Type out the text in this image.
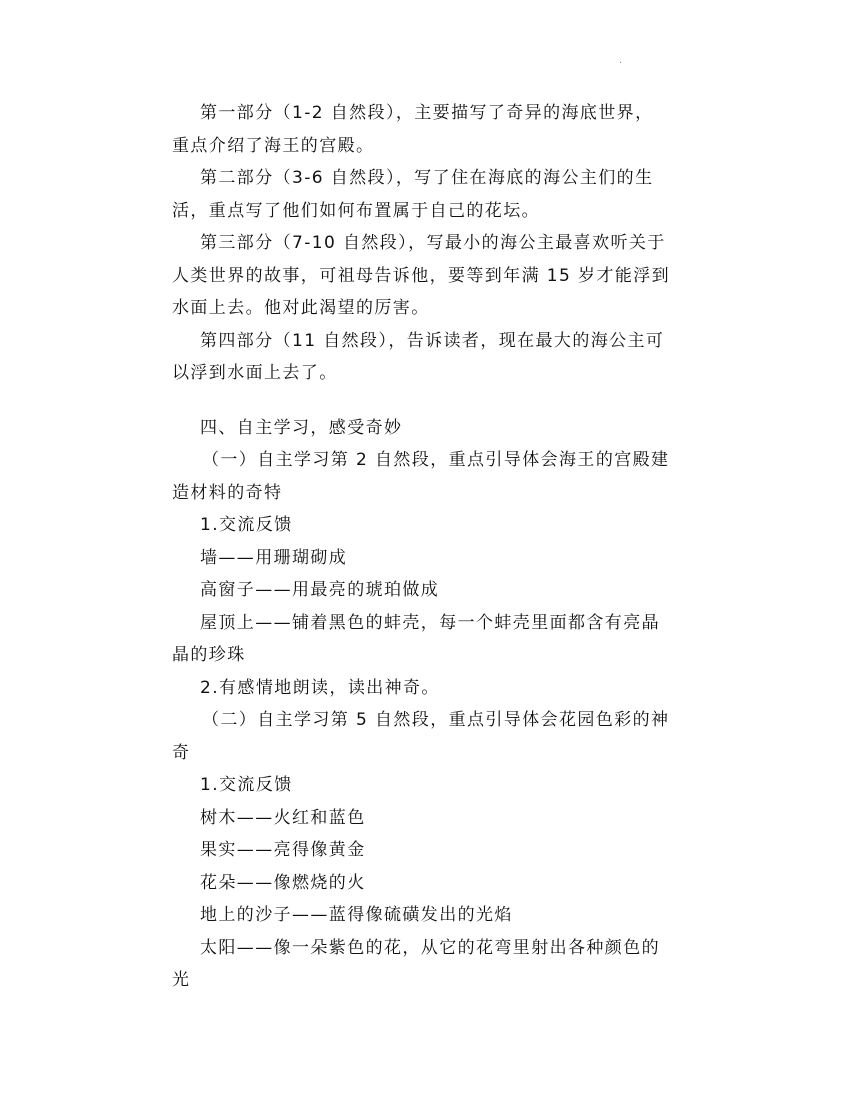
.

第一部分（1-2 自然段），主要描写了奇异的海底世界，

重点介绍了海王的宫殿。

第二部分（3-6 自然段），写了住在海底的海公主们的生

活，重点写了他们如何布置属于自己的花坛。

第三部分（7-10 自然段），写最小的海公主最喜欢听关于

人类世界的故事，可祖母告诉他，要等到年满 15 岁才能浮到

水面上去。他对此渴望的厉害。

第四部分（11 自然段），告诉读者，现在最大的海公主可

以浮到水面上去了。

四、自主学习，感受奇妙

（一）自主学习第 2 自然段，重点引导体会海王的宫殿建

造材料的奇特

1.交流反馈

墙——用珊瑚砌成

高窗子——用最亮的琥珀做成

屋顶上——铺着黑色的蚌壳，每一个蚌壳里面都含有亮晶

晶的珍珠

2.有感情地朗读，读出神奇。

（二）自主学习第 5 自然段，重点引导体会花园色彩的神

奇

1.交流反馈

树木——火红和蓝色

果实——亮得像黄金

花朵——像燃烧的火

地上的沙子——蓝得像硫磺发出的光焰

太阳——像一朵紫色的花，从它的花弯里射出各种颜色的

光
